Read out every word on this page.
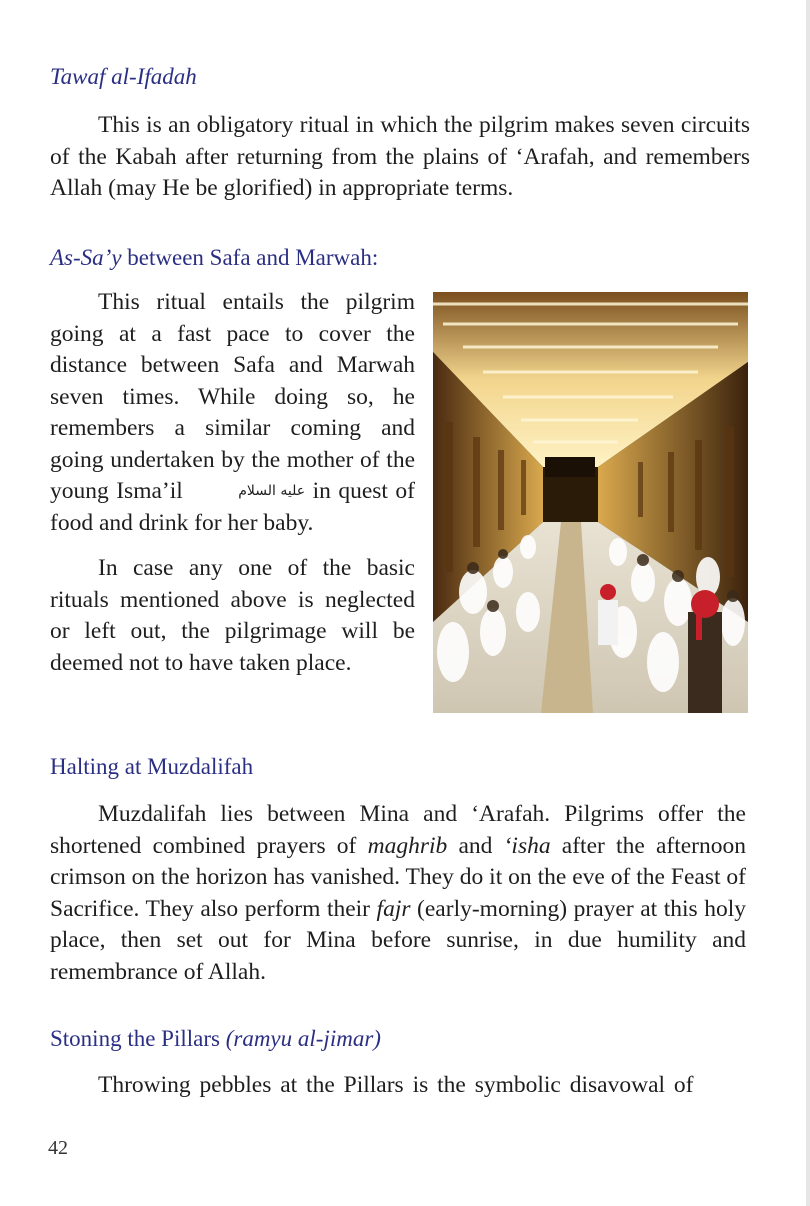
Tawaf al-Ifadah

This is an obligatory ritual in which the pilgrim makes seven circuits of the Kabah after returning from the plains of ‘Arafah, and remembers Allah (may He be glorified) in appropriate terms.

As-Sa’y between Safa and Marwah:

This ritual entails the pilgrim going at a fast pace to cover the distance between Safa and Marwah seven times. While doing so, he remembers a similar coming and going undertaken by the mother of the young Isma’il	عليه السلام in quest of food and drink for her baby.

In case any one of the basic rituals mentioned above is neglected or left out, the pilgrimage will be deemed not to have taken place.

Halting at Muzdalifah

Muzdalifah lies between Mina and ‘Arafah. Pilgrims offer the shortened combined prayers of maghrib and ‘isha after the afternoon crimson on the horizon has vanished. They do it on the eve of the Feast of Sacrifice. They also perform their fajr (early-morning) prayer at this holy place, then set out for Mina before sunrise, in due humility and remembrance of Allah.

Stoning the Pillars (ramyu al-jimar)

Throwing pebbles at the Pillars is the symbolic disavowal of

42
